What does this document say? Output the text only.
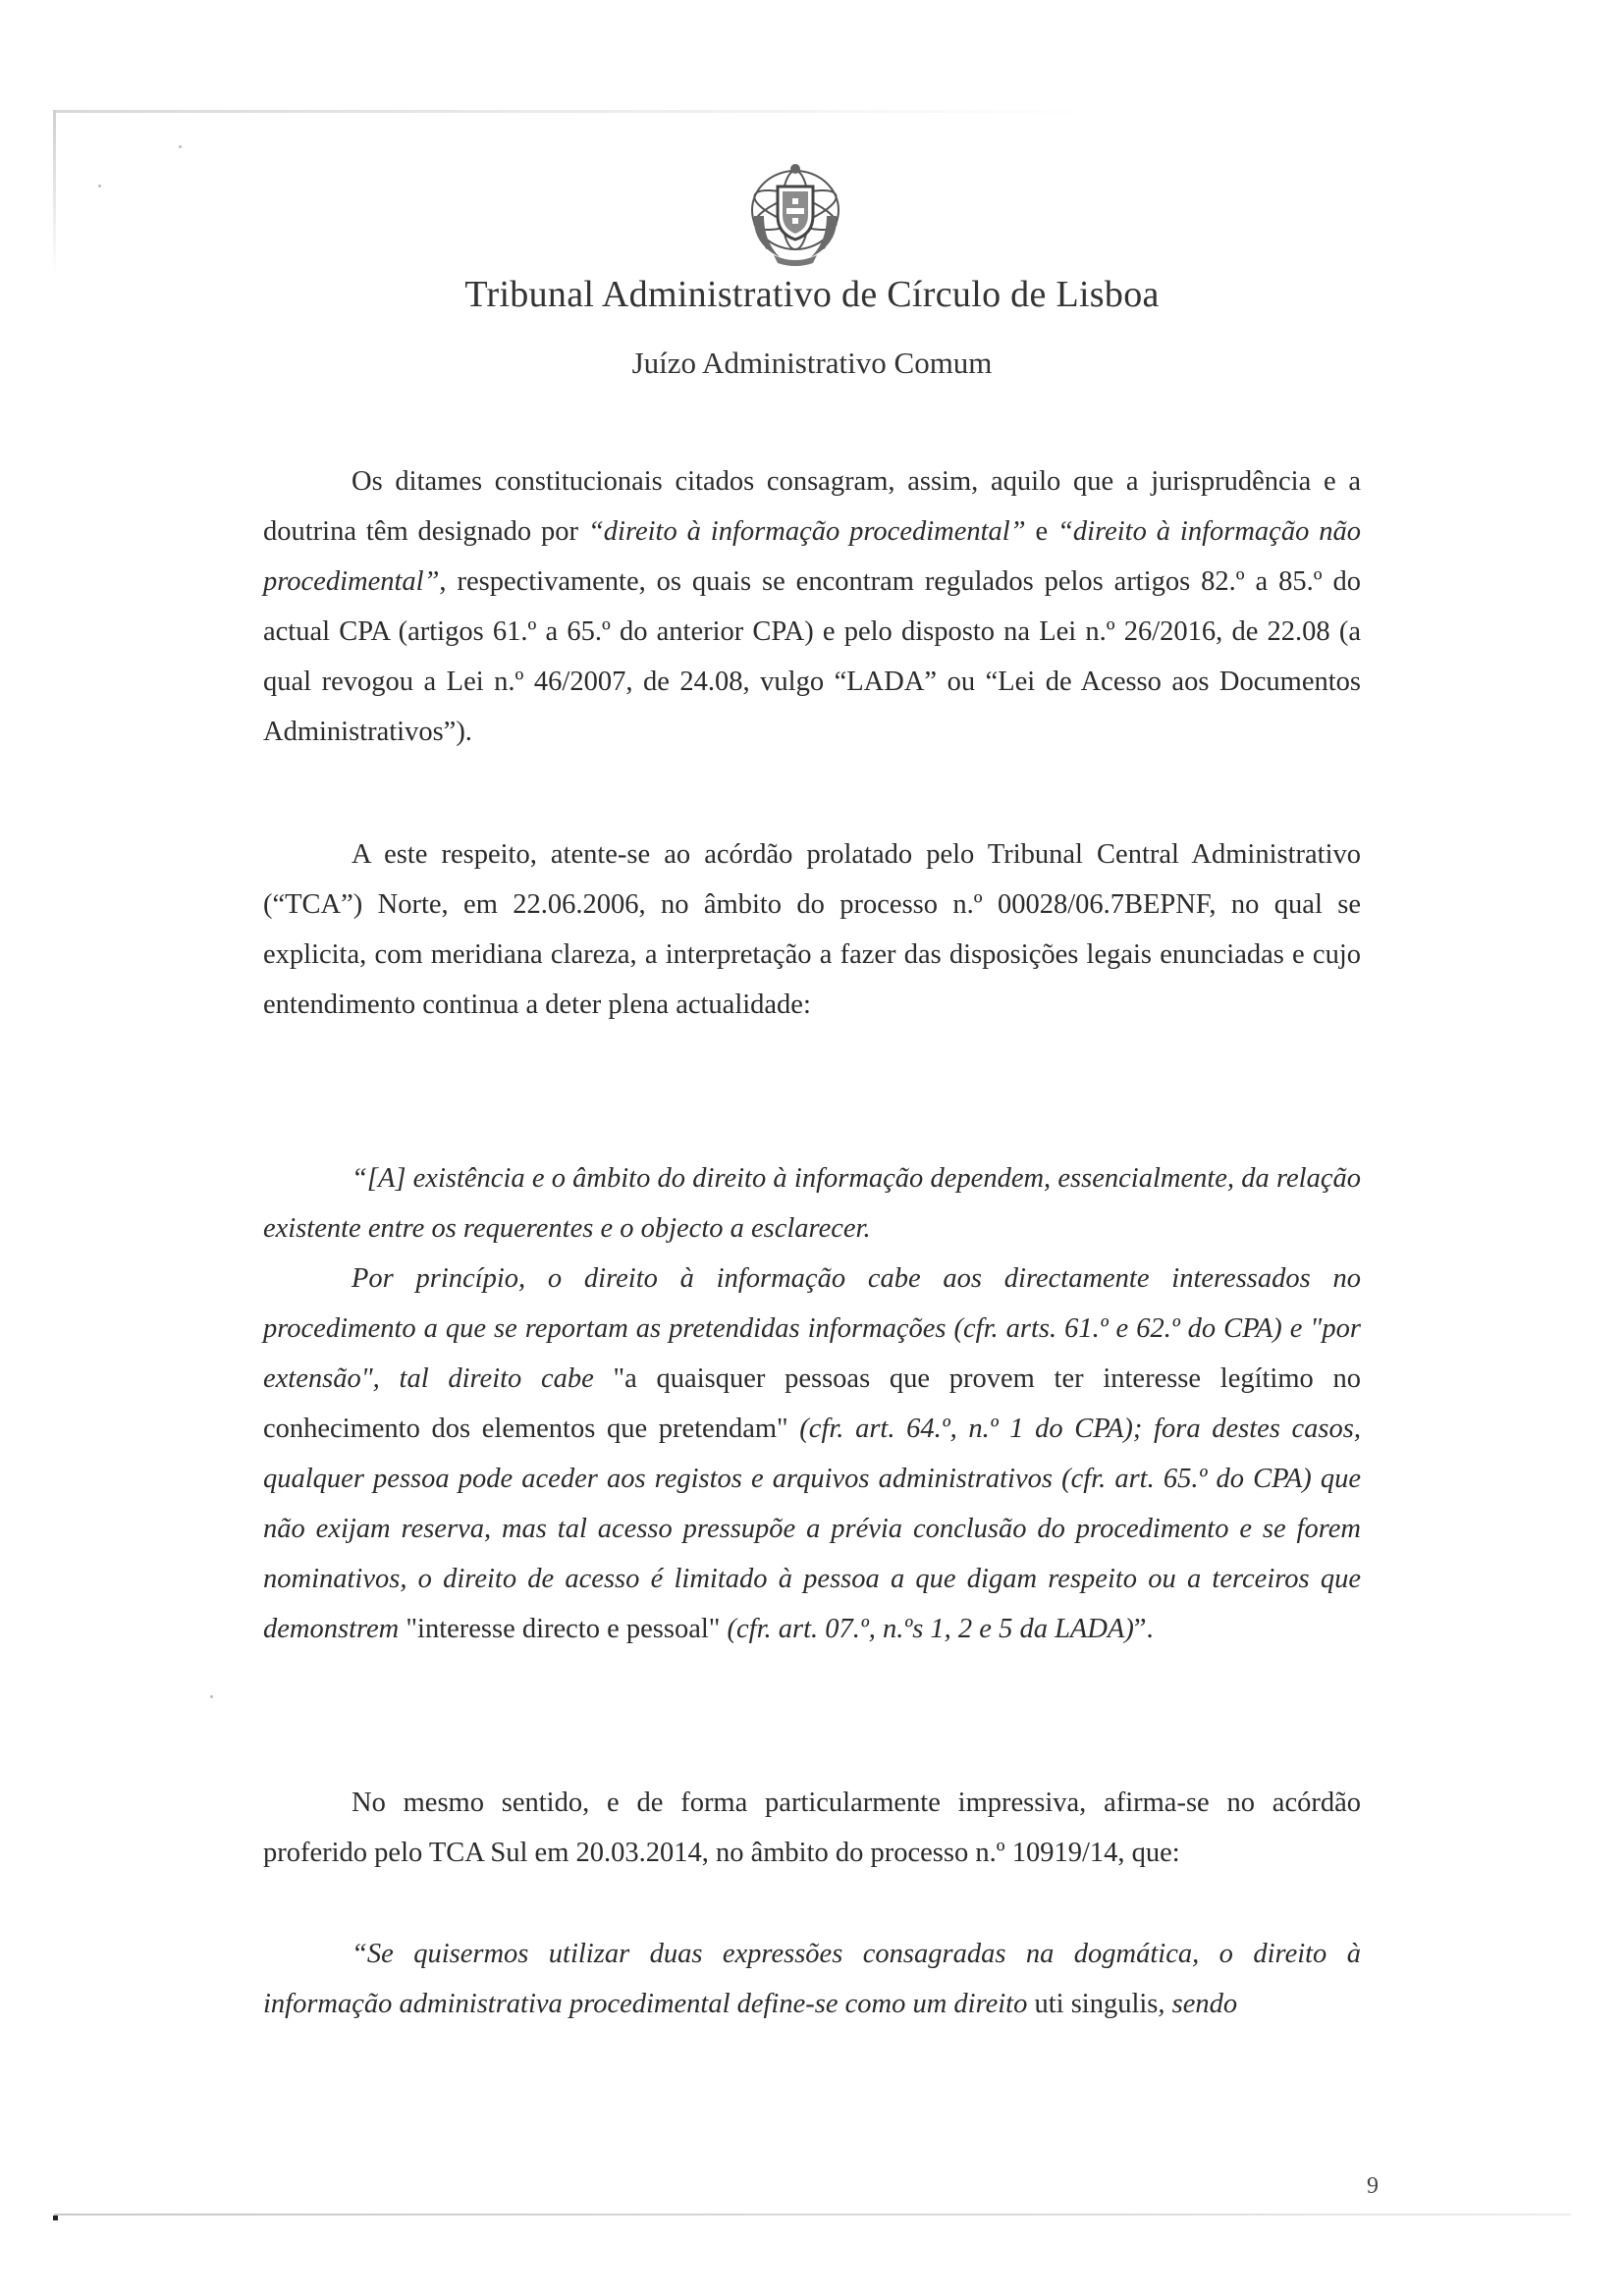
Tribunal Administrativo de Círculo de Lisboa
Juízo Administrativo Comum

Os ditames constitucionais citados consagram, assim, aquilo que a jurisprudência e a doutrina têm designado por “direito à informação procedimental” e “direito à informação não procedimental”, respectivamente, os quais se encontram regulados pelos artigos 82.º a 85.º do actual CPA (artigos 61.º a 65.º do anterior CPA) e pelo disposto na Lei n.º 26/2016, de 22.08 (a qual revogou a Lei n.º 46/2007, de 24.08, vulgo “LADA” ou “Lei de Acesso aos Documentos Administrativos”).

A este respeito, atente-se ao acórdão prolatado pelo Tribunal Central Administrativo (“TCA”) Norte, em 22.06.2006, no âmbito do processo n.º 00028/06.7BEPNF, no qual se explicita, com meridiana clareza, a interpretação a fazer das disposições legais enunciadas e cujo entendimento continua a deter plena actualidade:

“[A] existência e o âmbito do direito à informação dependem, essencialmente, da relação existente entre os requerentes e o objecto a esclarecer.

Por princípio, o direito à informação cabe aos directamente interessados no procedimento a que se reportam as pretendidas informações (cfr. arts. 61.º e 62.º do CPA) e "por extensão", tal direito cabe "a quaisquer pessoas que provem ter interesse legítimo no conhecimento dos elementos que pretendam" (cfr. art. 64.º, n.º 1 do CPA); fora destes casos, qualquer pessoa pode aceder aos registos e arquivos administrativos (cfr. art. 65.º do CPA) que não exijam reserva, mas tal acesso pressupõe a prévia conclusão do procedimento e se forem nominativos, o direito de acesso é limitado à pessoa a que digam respeito ou a terceiros que demonstrem "interesse directo e pessoal" (cfr. art. 07.º, n.ºs 1, 2 e 5 da LADA)”.

No mesmo sentido, e de forma particularmente impressiva, afirma-se no acórdão proferido pelo TCA Sul em 20.03.2014, no âmbito do processo n.º 10919/14, que:

“Se quisermos utilizar duas expressões consagradas na dogmática, o direito à informação administrativa procedimental define-se como um direito uti singulis, sendo

9
